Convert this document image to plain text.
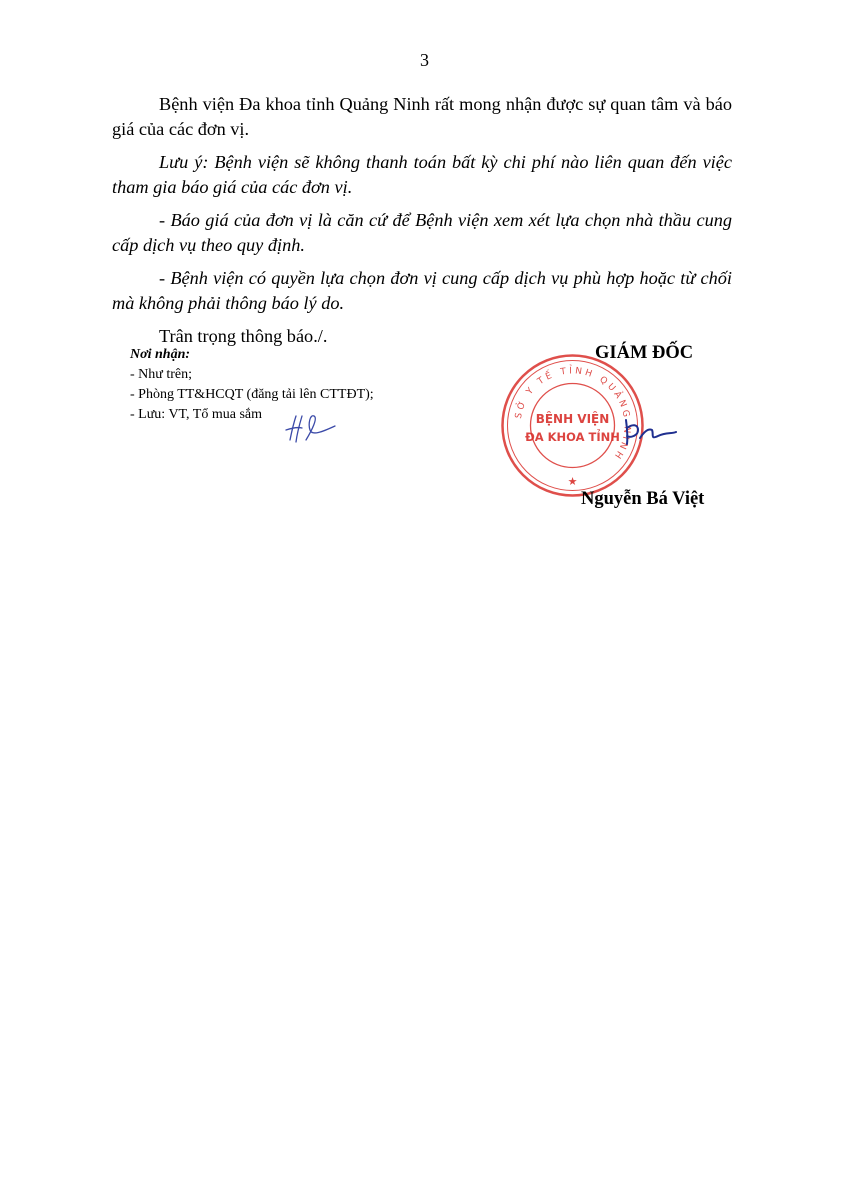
3

Bệnh viện Đa khoa tỉnh Quảng Ninh rất mong nhận được sự quan tâm và báo giá của các đơn vị.

Lưu ý: Bệnh viện sẽ không thanh toán bất kỳ chi phí nào liên quan đến việc tham gia báo giá của các đơn vị.

- Báo giá của đơn vị là căn cứ để Bệnh viện xem xét lựa chọn nhà thầu cung cấp dịch vụ theo quy định.

- Bệnh viện có quyền lựa chọn đơn vị cung cấp dịch vụ phù hợp hoặc từ chối mà không phải thông báo lý do.

Trân trọng thông báo./.

Nơi nhận:
- Như trên;
- Phòng TT&HCQT (đăng tải lên CTTĐT);
- Lưu: VT, Tổ mua sắm
GIÁM ĐỐC
SỞ Y TẾ TỈNH QUẢNG NINH
BỆNH VIỆN
ĐA KHOA TỈNH
★
Nguyễn Bá Việt
